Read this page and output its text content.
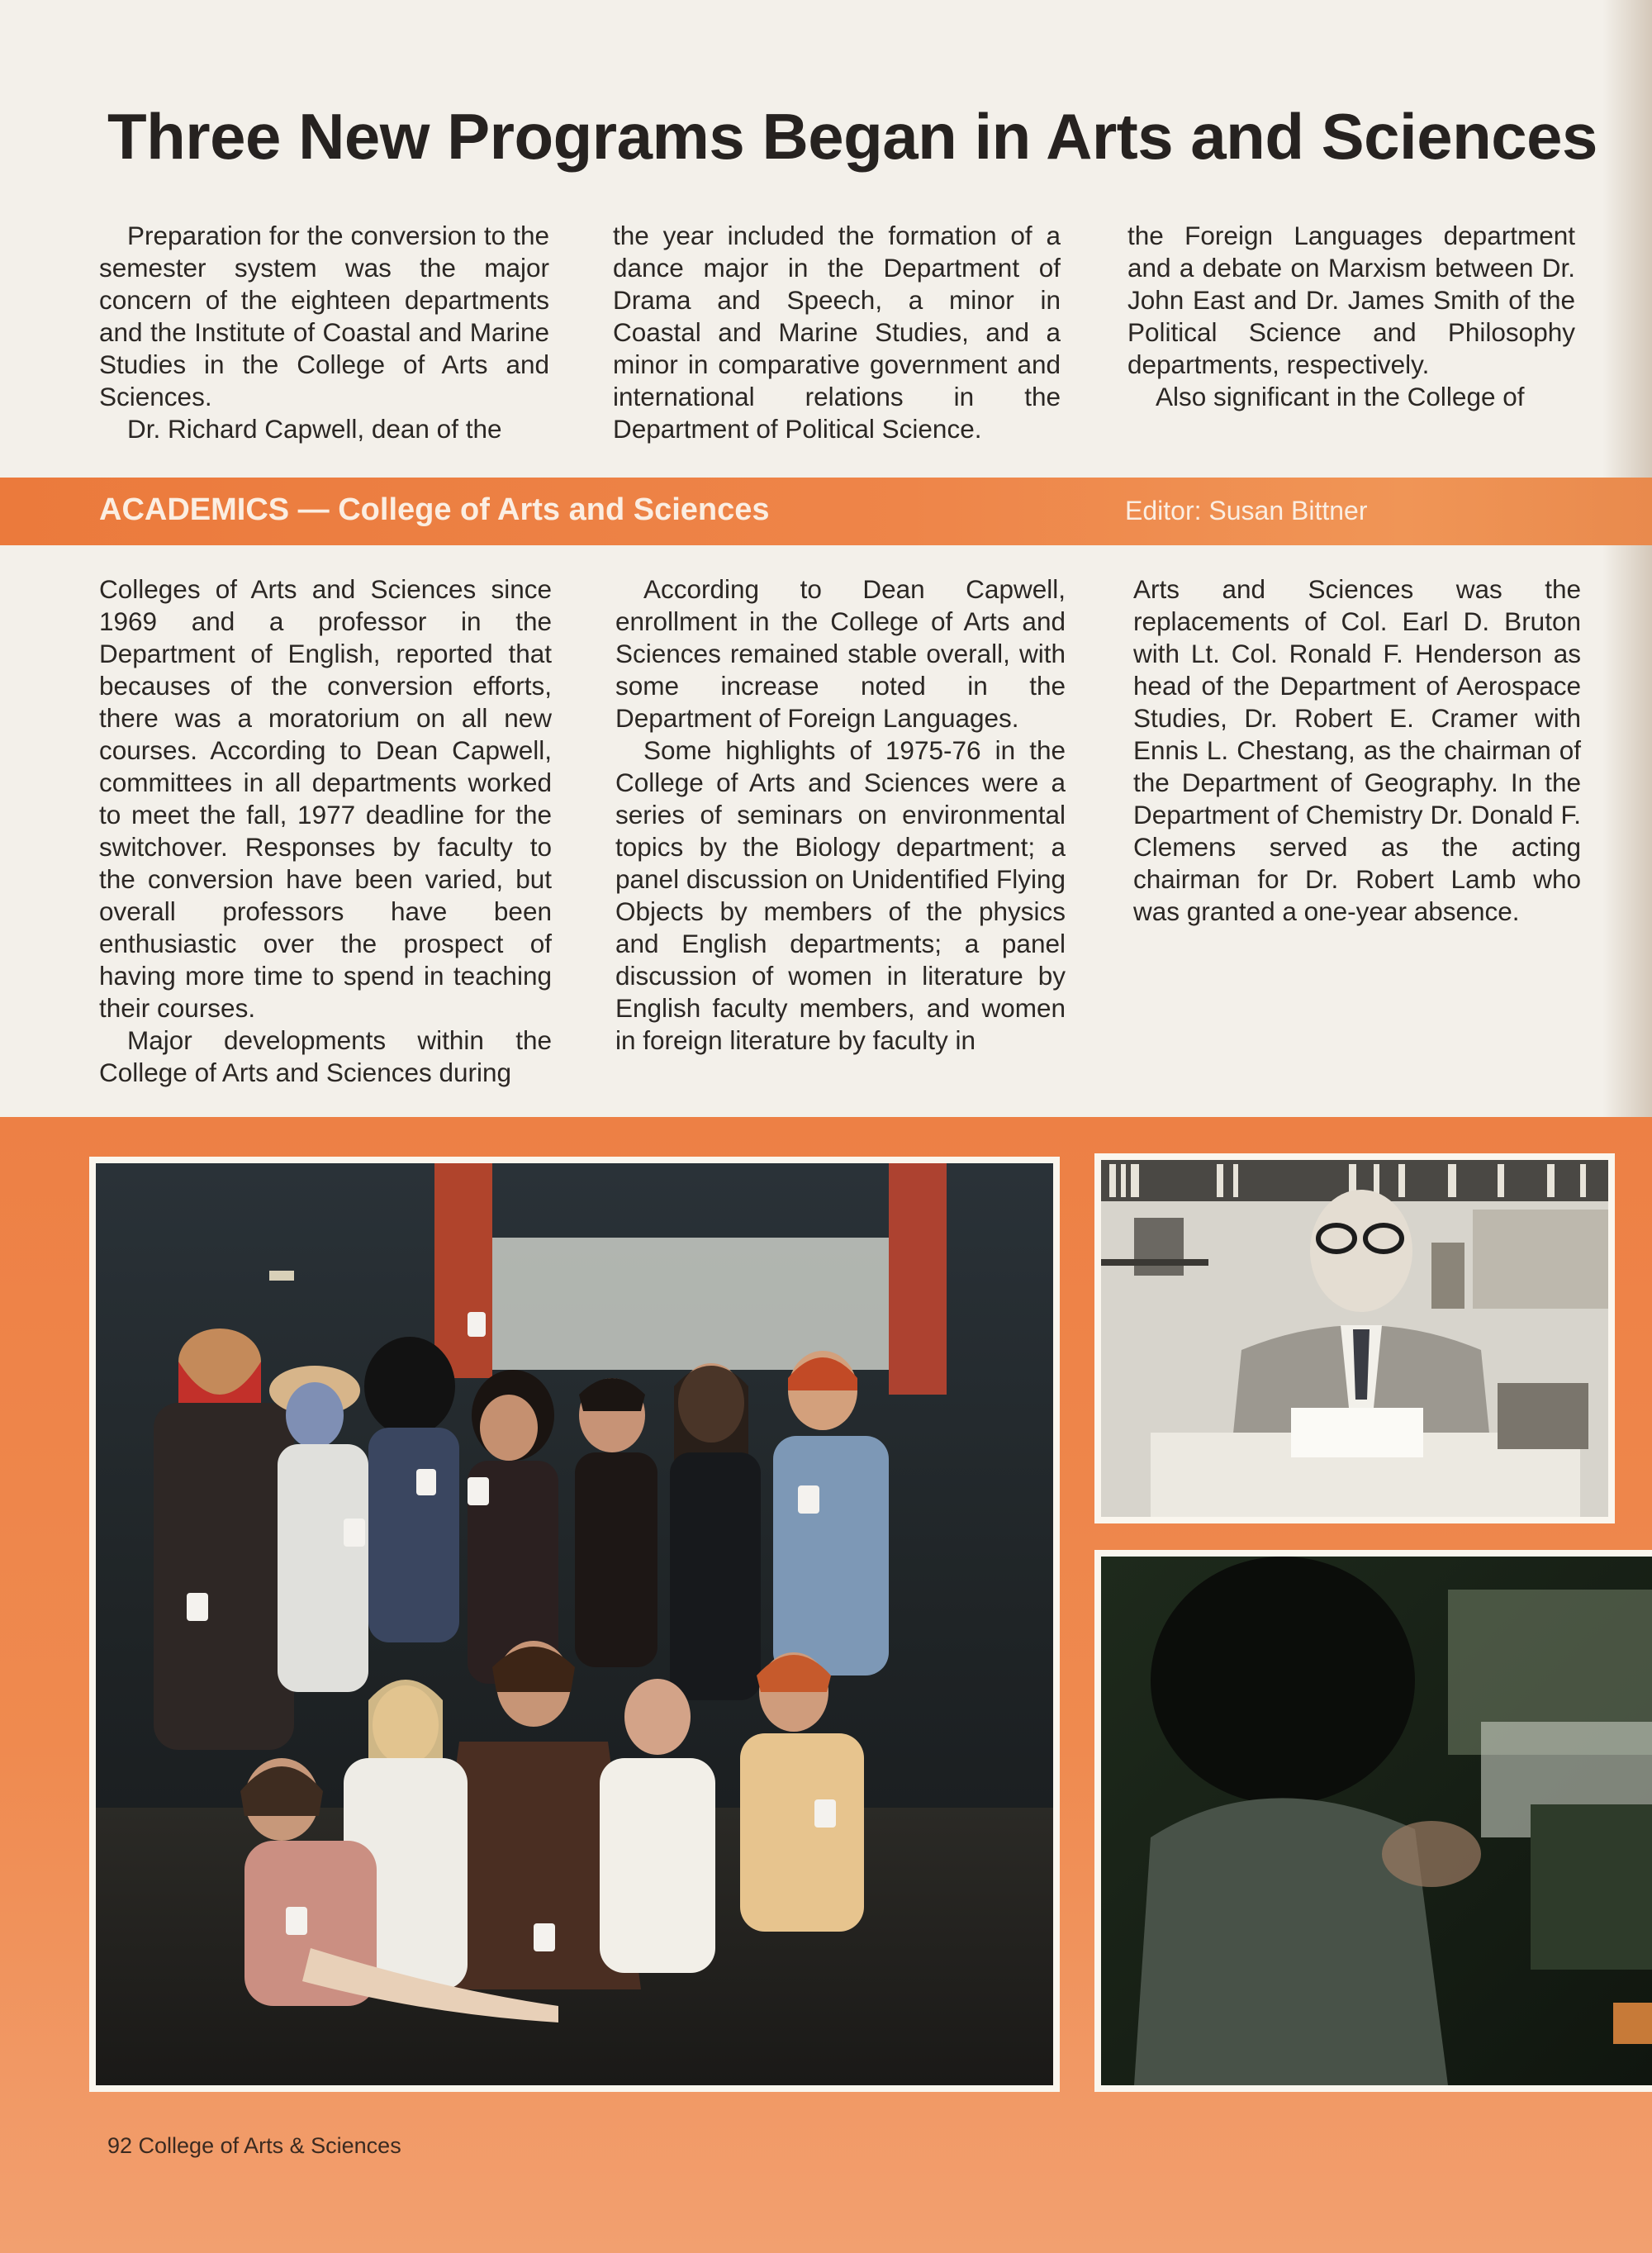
Three New Programs Began in Arts and Sciences

Preparation for the conversion to the semester system was the major concern of the eighteen departments and the Institute of Coastal and Marine Studies in the College of Arts and Sciences.

Dr. Richard Capwell, dean of the

the year included the formation of a dance major in the Department of Drama and Speech, a minor in Coastal and Marine Studies, and a minor in comparative government and international relations in the Department of Political Science.

the Foreign Languages department and a debate on Marxism between Dr. John East and Dr. James Smith of the Political Science and Philosophy departments, respectively.

Also significant in the College of

ACADEMICS — College of Arts and Sciences	Editor: Susan Bittner

Colleges of Arts and Sciences since 1969 and a professor in the Department of English, reported that becauses of the conversion efforts, there was a moratorium on all new courses. According to Dean Capwell, committees in all departments worked to meet the fall, 1977 deadline for the switchover. Responses by faculty to the conversion have been varied, but overall professors have been enthusiastic over the prospect of having more time to spend in teaching their courses.

Major developments within the College of Arts and Sciences during

According to Dean Capwell, enrollment in the College of Arts and Sciences remained stable overall, with some increase noted in the Department of Foreign Languages.

Some highlights of 1975-76 in the College of Arts and Sciences were a series of seminars on environmental topics by the Biology department; a panel discussion on Unidentified Flying Objects by members of the physics and English departments; a panel discussion of women in literature by English faculty members, and women in foreign literature by faculty in

Arts and Sciences was the replacements of Col. Earl D. Bruton with Lt. Col. Ronald F. Henderson as head of the Department of Aerospace Studies, Dr. Robert E. Cramer with Ennis L. Chestang, as the chairman of the Department of Geography. In the Department of Chemistry Dr. Donald F. Clemens served as the acting chairman for Dr. Robert Lamb who was granted a one-year absence.

92 College of Arts & Sciences
